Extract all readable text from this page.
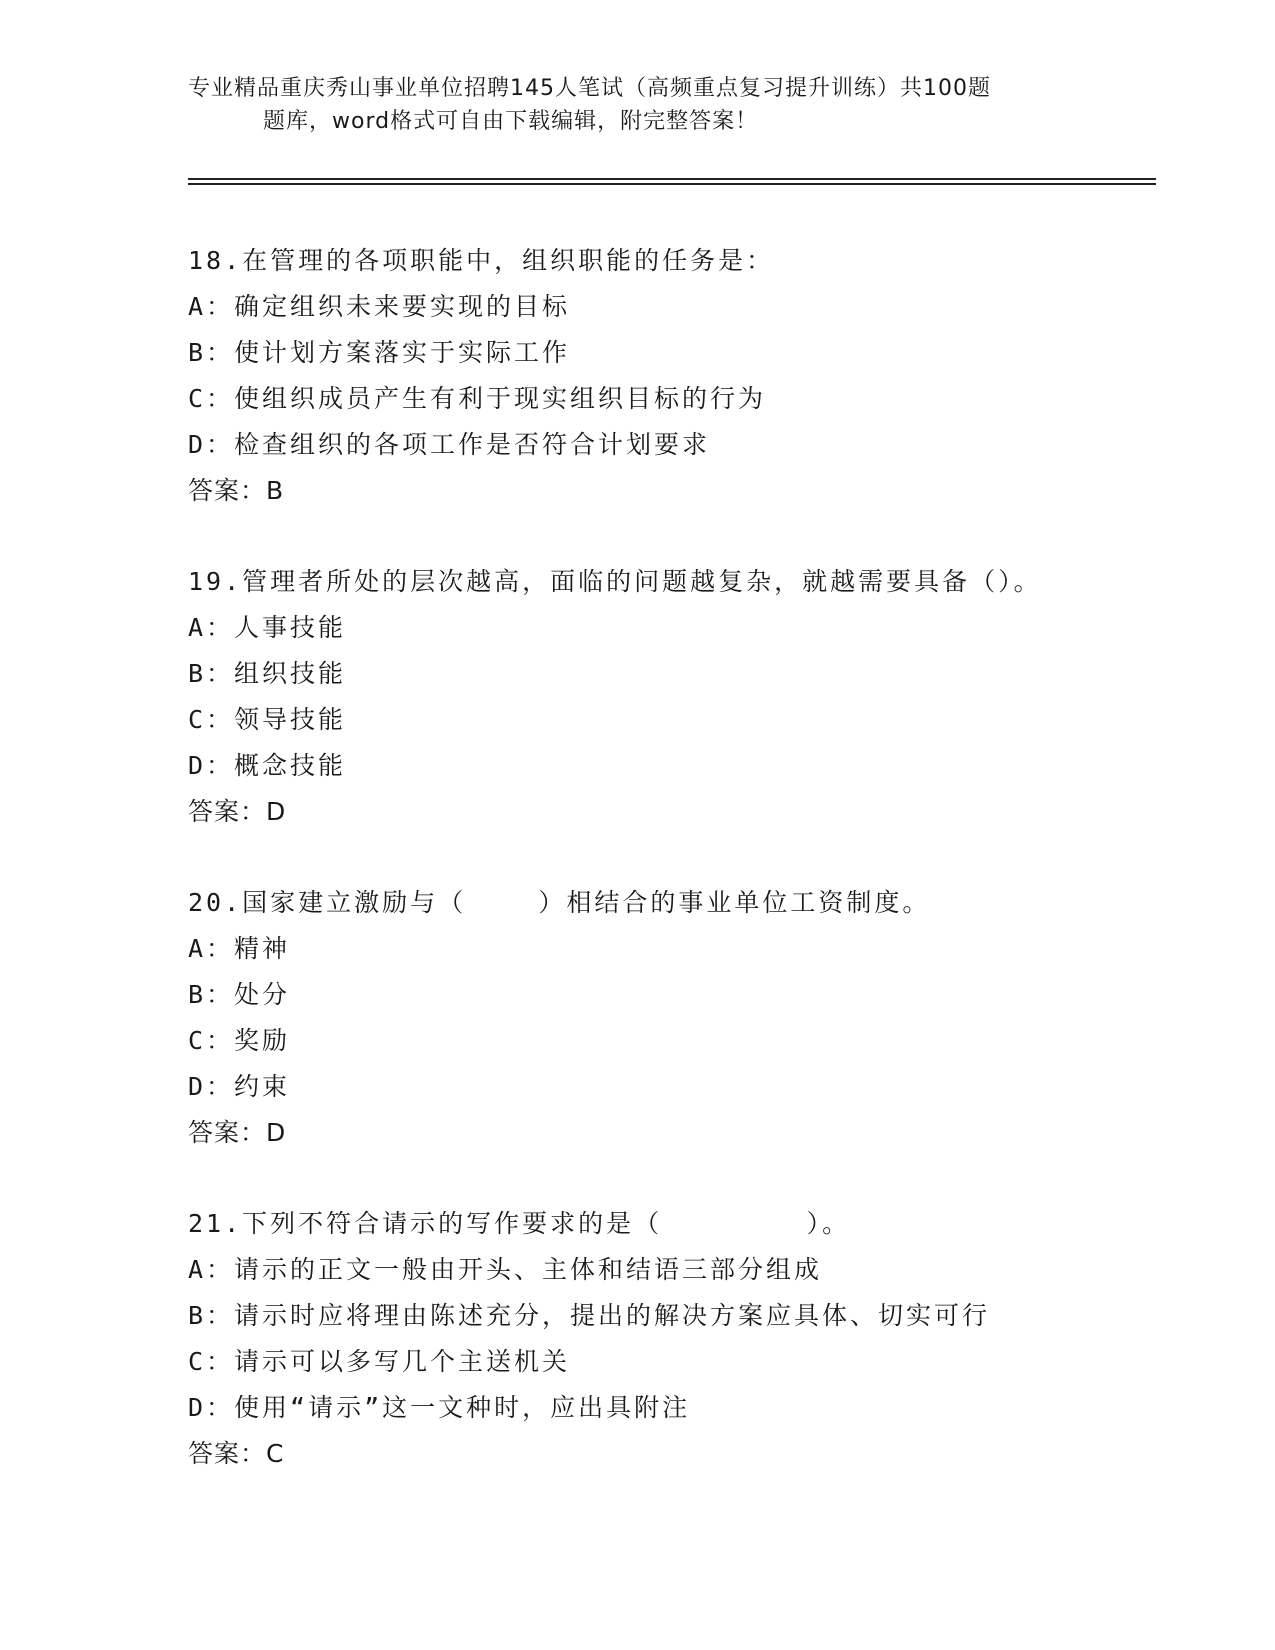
专业精品重庆秀山事业单位招聘145人笔试（高频重点复习提升训练）共100题
题库，word格式可自由下载编辑，附完整答案！
18.在管理的各项职能中，组织职能的任务是：
A：确定组织未来要实现的目标
B：使计划方案落实于实际工作
C：使组织成员产生有利于现实组织目标的行为
D：检查组织的各项工作是否符合计划要求
答案：B
19.管理者所处的层次越高，面临的问题越复杂，就越需要具备（）。
A：人事技能
B：组织技能
C：领导技能
D：概念技能
答案：D
20.国家建立激励与（    ）相结合的事业单位工资制度。
A：精神
B：处分
C：奖励
D：约束
答案：D
21.下列不符合请示的写作要求的是（        ）。
A：请示的正文一般由开头、主体和结语三部分组成
B：请示时应将理由陈述充分，提出的解决方案应具体、切实可行
C：请示可以多写几个主送机关
D：使用“请示”这一文种时，应出具附注
答案：C
